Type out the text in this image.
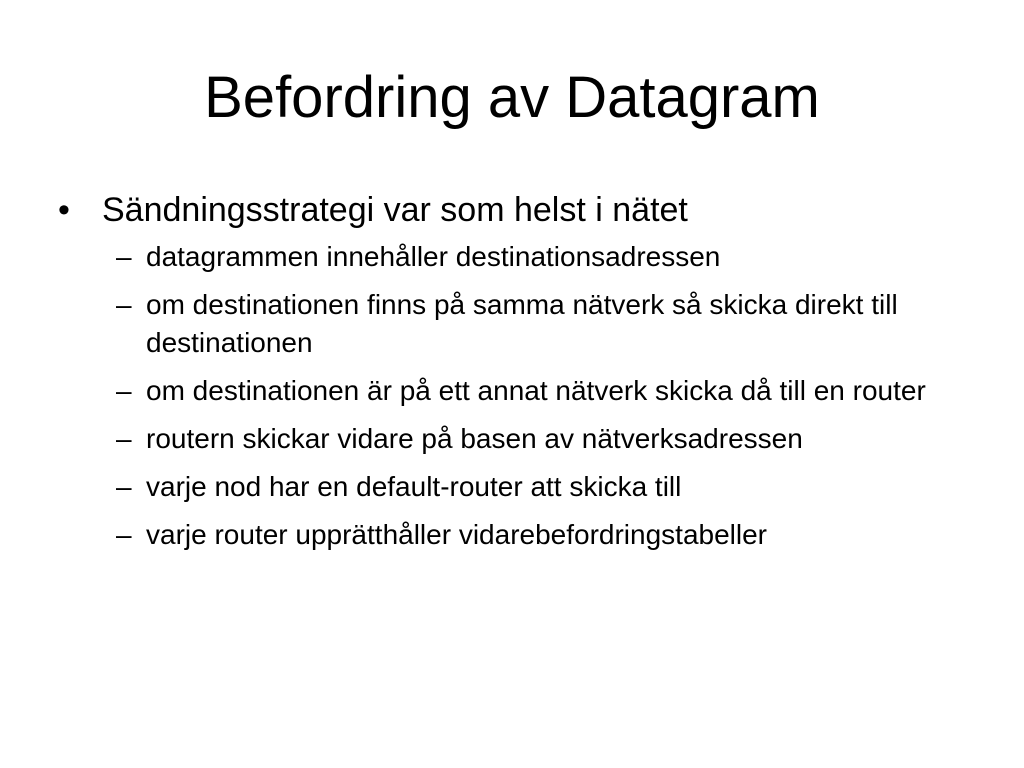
Befordring av Datagram
• Sändningsstrategi var som helst i nätet
– datagrammen innehåller destinationsadressen
– om destinationen finns på samma nätverk så skicka direkt till destinationen
– om destinationen är på ett annat nätverk skicka då till en router
– routern skickar vidare på basen av nätverksadressen
– varje nod har en default-router att skicka till
– varje router upprätthåller vidarebefordringstabeller
